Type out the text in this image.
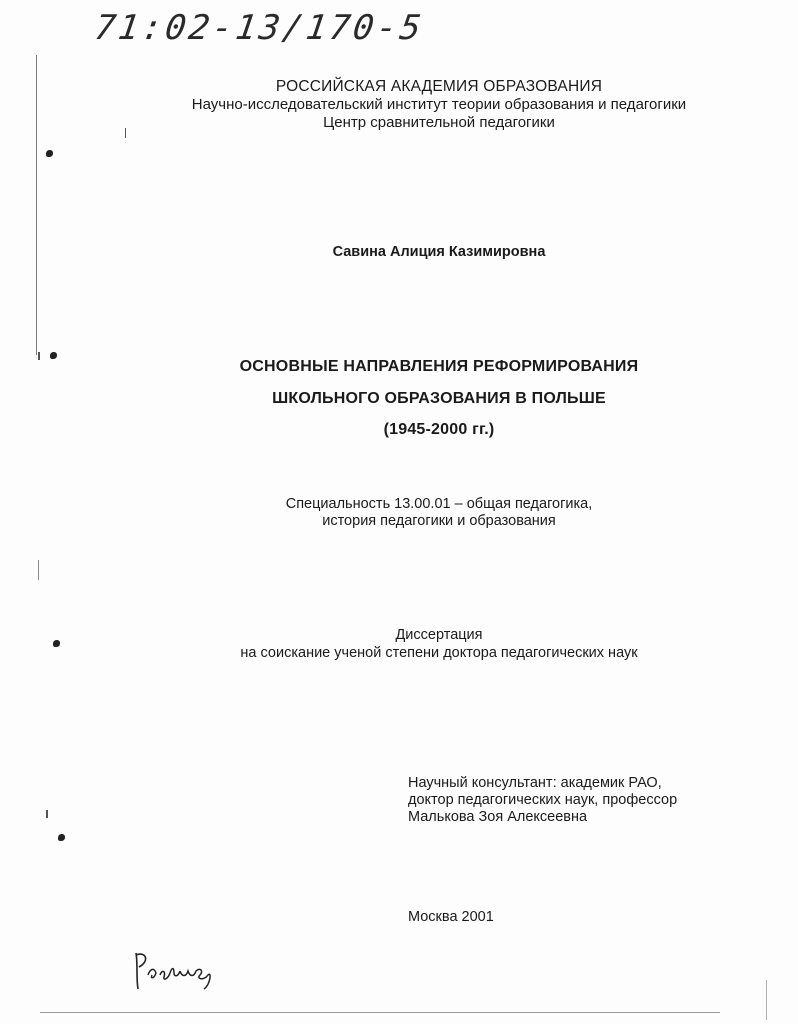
71:02-13/170-5
РОССИЙСКАЯ АКАДЕМИЯ ОБРАЗОВАНИЯ
Научно-исследовательский институт теории образования и педагогики
Центр сравнительной педагогики
Савина Алиция Казимировна
ОСНОВНЫЕ НАПРАВЛЕНИЯ РЕФОРМИРОВАНИЯ
ШКОЛЬНОГО ОБРАЗОВАНИЯ В ПОЛЬШЕ
(1945-2000 гг.)
Специальность 13.00.01 – общая педагогика,
история педагогики и образования
Диссертация
на соискание ученой степени доктора педагогических наук
Научный консультант: академик РАО,
доктор педагогических наук, профессор
Малькова Зоя Алексеевна
Москва 2001
